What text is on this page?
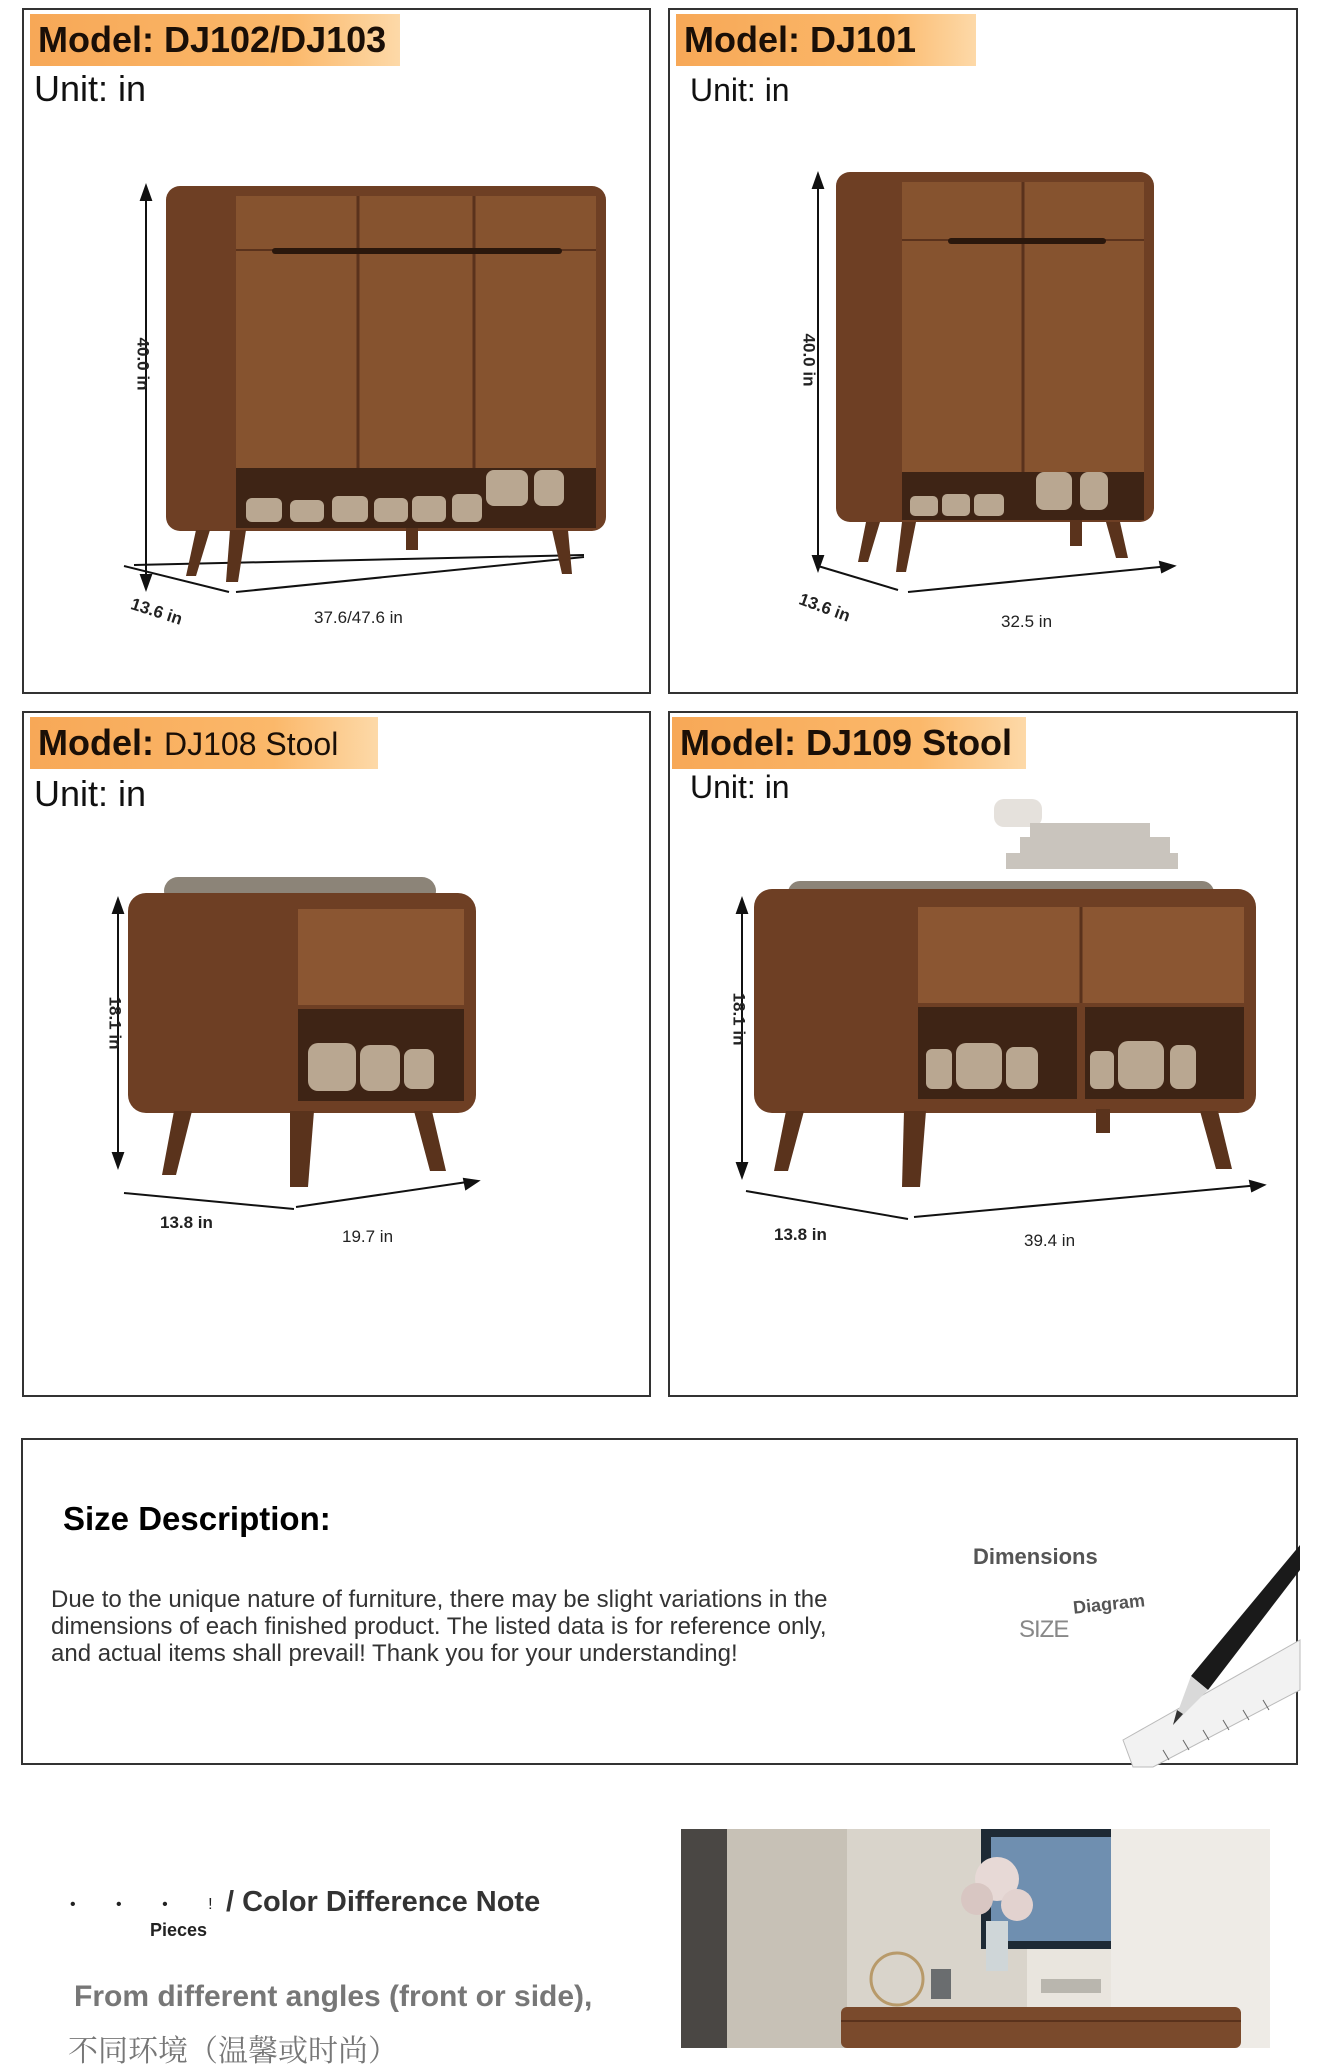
Model: DJ102/DJ103
Unit: in
40.0 in
13.6 in	37.6/47.6 in
Model: DJ101
Unit: in
40.0 in
13.6 in	32.5 in
Model: DJ108 Stool
Unit: in
18.1 in
13.8 in
19.7 in
Model: DJ109 Stool
Unit: in
18.1 in
13.8 in	39.4 in
Size Description:
Due to the unique nature of furniture, there may be slight variations in the dimensions of each finished product. The listed data is for reference only, and actual items shall prevail! Thank you for your understanding!
Dimensions
Diagram
SIZE
• • • !
Pieces
/ Color Difference Note
From different angles (front or side),
不同环境（温馨或时尚）
